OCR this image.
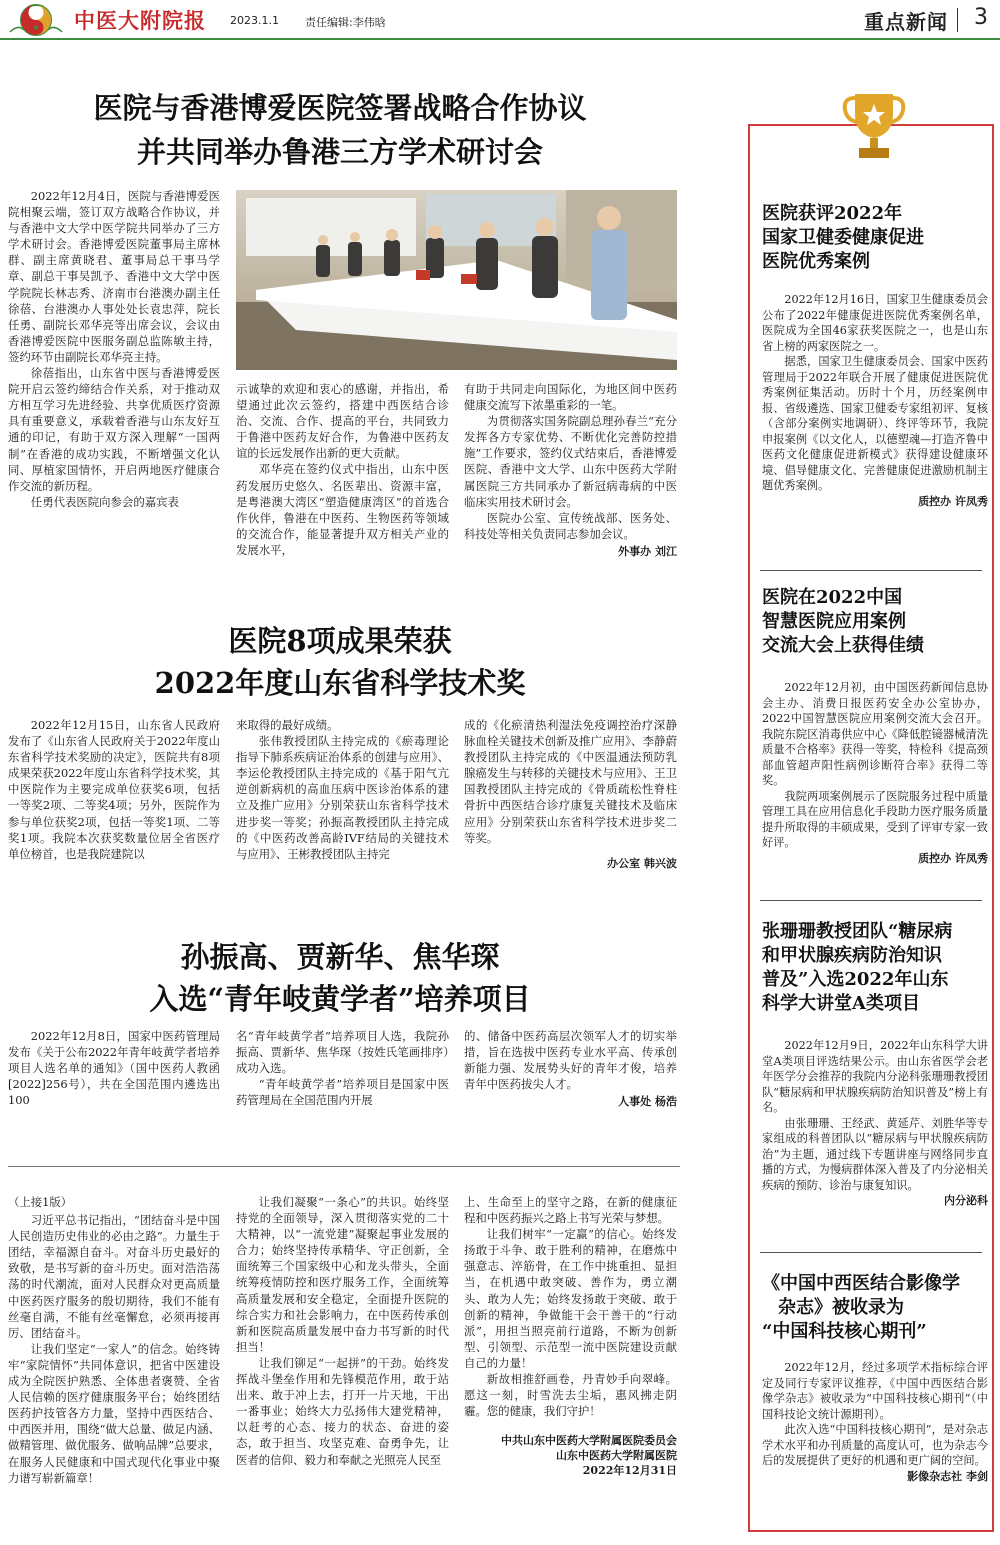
中医大附院报 2023.1.1 责任编辑:李伟晗	重点新闻 3
医院与香港博爱医院签署战略合作协议
并共同举办鲁港三方学术研讨会

2022年12月4日，医院与香港博爱医院相聚云端，签订双方战略合作协议，并与香港中文大学中医学院共同举办了三方学术研讨会。香港博爱医院董事局主席林群、副主席黄晓君、董事局总干事马学章、副总干事吴凯予、香港中文大学中医学院院长林志秀、济南市台港澳办副主任徐蓓、台港澳办人事处处长袁忠萍，院长任勇、副院长邓华亮等出席会议，会议由香港博爱医院中医服务副总监陈敏主持，签约环节由副院长邓华亮主持。

徐蓓指出，山东省中医与香港博爱医院开启云签约缔结合作关系，对于推动双方相互学习先进经验、共享优质医疗资源具有重要意义，承载着香港与山东友好互通的印记，有助于双方深入理解“一国两制”在香港的成功实践，不断增强文化认同、厚植家国情怀，开启两地医疗健康合作交流的新历程。

任勇代表医院向参会的嘉宾表

示诚挚的欢迎和衷心的感谢，并指出，希望通过此次云签约，搭建中西医结合诊治、交流、合作、提高的平台，共同致力于鲁港中医药友好合作，为鲁港中医药友谊的长远发展作出新的更大贡献。

邓华亮在签约仪式中指出，山东中医药发展历史悠久、名医辈出、资源丰富，是粤港澳大湾区“塑造健康湾区”的首选合作伙伴，鲁港在中医药、生物医药等领域的交流合作，能显著提升双方相关产业的发展水平，

有助于共同走向国际化，为地区间中医药健康交流写下浓墨重彩的一笔。

为贯彻落实国务院副总理孙春兰“充分发挥各方专家优势、不断优化完善防控措施”工作要求，签约仪式结束后，香港博爱医院、香港中文大学、山东中医药大学附属医院三方共同承办了新冠病毒病的中医临床实用技术研讨会。

医院办公室、宣传统战部、医务处、科技处等相关负责同志参加会议。

外事办 刘江
医院8项成果荣获
2022年度山东省科学技术奖

2022年12月15日，山东省人民政府发布了《山东省人民政府关于2022年度山东省科学技术奖励的决定》，医院共有8项成果荣获2022年度山东省科学技术奖，其中医院作为主要完成单位获奖6项，包括一等奖2项、二等奖4项；另外，医院作为参与单位获奖2项，包括一等奖1项、二等奖1项。我院本次获奖数量位居全省医疗单位榜首，也是我院建院以

来取得的最好成绩。

张伟教授团队主持完成的《瘀毒理论指导下肺系疾病证治体系的创建与应用》、李运伦教授团队主持完成的《基于阳气亢逆创新病机的高血压病中医诊治体系的建立及推广应用》分别荣获山东省科学技术进步奖一等奖；孙振高教授团队主持完成的《中医药改善高龄IVF结局的关键技术与应用》、王彬教授团队主持完

成的《化瘀清热利湿法免疫调控治疗深静脉血栓关键技术创新及推广应用》、李静蔚教授团队主持完成的《中医温通法预防乳腺癌发生与转移的关键技术与应用》、王卫国教授团队主持完成的《骨质疏松性脊柱骨折中西医结合诊疗康复关键技术及临床应用》分别荣获山东省科学技术进步奖二等奖。

办公室 韩兴波
孙振高、贾新华、焦华琛
入选“青年岐黄学者”培养项目

2022年12月8日，国家中医药管理局发布《关于公布2022年青年岐黄学者培养项目人选名单的通知》（国中医药人教函[2022]256号），共在全国范围内遴选出100

名“青年岐黄学者”培养项目人选，我院孙振高、贾新华、焦华琛（按姓氏笔画排序）成功入选。

“青年岐黄学者”培养项目是国家中医药管理局在全国范围内开展

的、储备中医药高层次领军人才的切实举措，旨在选拔中医药专业水平高、传承创新能力强、发展势头好的青年才俊，培养青年中医药拔尖人才。

人事处 杨浩
（上接1版）

习近平总书记指出，“团结奋斗是中国人民创造历史伟业的必由之路”。力量生于团结，幸福源自奋斗。对奋斗历史最好的致敬，是书写新的奋斗历史。面对浩浩荡荡的时代潮流，面对人民群众对更高质量中医药医疗服务的殷切期待，我们不能有丝毫自满，不能有丝毫懈怠，必须再接再厉、团结奋斗。

让我们坚定“一家人”的信念。始终铸牢“家院情怀”共同体意识，把省中医建设成为全院医护熟悉、全体患者褒赞、全省人民信赖的医疗健康服务平台；始终团结医药护技管各方力量，坚持中西医结合、中西医并用，围绕“做大总量、做足内涵、做精管理、做优服务、做响品牌”总要求，在服务人民健康和中国式现代化事业中聚力谱写崭新篇章！

让我们凝聚“一条心”的共识。始终坚持党的全面领导，深入贯彻落实党的二十大精神，以“一流党建”凝聚起事业发展的合力；始终坚持传承精华、守正创新，全面统筹三个国家级中心和龙头带头，全面统筹疫情防控和医疗服务工作，全面统筹高质量发展和安全稳定，全面提升医院的综合实力和社会影响力，在中医药传承创新和医院高质量发展中奋力书写新的时代担当！

让我们铆足“一起拼”的干劲。始终发挥战斗堡垒作用和先锋模范作用，敢于站出来、敢于冲上去，打开一片天地，干出一番事业；始终大力弘扬伟大建党精神，以赶考的心态、接力的状态、奋进的姿态，敢于担当、攻坚克难、奋勇争先，让医者的信仰、毅力和奉献之光照亮人民至

上、生命至上的坚守之路，在新的健康征程和中医药振兴之路上书写光荣与梦想。

让我们树牢“一定赢”的信心。始终发扬敢于斗争、敢于胜利的精神，在磨炼中强意志、淬筋骨，在工作中挑重担、显担当，在机遇中敢突破、善作为，勇立潮头、敢为人先；始终发扬敢于突破、敢于创新的精神，争做能干会干善干的“行动派”，用担当照亮前行道路，不断为创新型、引领型、示范型一流中医院建设贡献自己的力量！

新故相推舒画卷，丹青妙手向翠峰。愿这一刻，时雪洗去尘垢，惠风拂走阴霾。您的健康，我们守护！

中共山东中医药大学附属医院委员会
山东中医药大学附属医院
2022年12月31日
医院获评2022年
国家卫健委健康促进
医院优秀案例

2022年12月16日，国家卫生健康委员会公布了2022年健康促进医院优秀案例名单，医院成为全国46家获奖医院之一，也是山东省上榜的两家医院之一。

据悉，国家卫生健康委员会、国家中医药管理局于2022年联合开展了健康促进医院优秀案例征集活动。历时十个月，历经案例申报、省级遴选、国家卫健委专家组初评、复核（含部分案例实地调研）、终评等环节，我院申报案例《以文化人，以德塑魂—打造齐鲁中医药文化健康促进新模式》获得建设健康环境、倡导健康文化、完善健康促进激励机制主题优秀案例。

质控办 许凤秀
医院在2022中国
智慧医院应用案例
交流大会上获得佳绩

2022年12月初，由中国医药新闻信息协会主办、消费日报医药安全办公室协办，2022中国智慧医院应用案例交流大会召开。我院东院区消毒供应中心《降低腔镜器械清洗质量不合格率》获得一等奖，特检科《提高颈部血管超声阳性病例诊断符合率》获得二等奖。

我院两项案例展示了医院服务过程中质量管理工具在应用信息化手段助力医疗服务质量提升所取得的丰硕成果，受到了评审专家一致好评。

质控办 许凤秀
张珊珊教授团队“糖尿病
和甲状腺疾病防治知识
普及”入选2022年山东
科学大讲堂A类项目

2022年12月9日，2022年山东科学大讲堂A类项目评选结果公示。由山东省医学会老年医学分会推荐的我院内分泌科张珊珊教授团队“糖尿病和甲状腺疾病防治知识普及”榜上有名。

由张珊珊、王经武、黄延芹、刘胜华等专家组成的科普团队以“糖尿病与甲状腺疾病防治”为主题，通过线下专题讲座与网络同步直播的方式，为慢病群体深入普及了内分泌相关疾病的预防、诊治与康复知识。

内分泌科
《中国中西医结合影像学
杂志》被收录为
“中国科技核心期刊”

2022年12月，经过多项学术指标综合评定及同行专家评议推荐，《中国中西医结合影像学杂志》被收录为“中国科技核心期刊”（中国科技论文统计源期刊）。

此次入选“中国科技核心期刊”，是对杂志学术水平和办刊质量的高度认可，也为杂志今后的发展提供了更好的机遇和更广阔的空间。

影像杂志社 李剑
